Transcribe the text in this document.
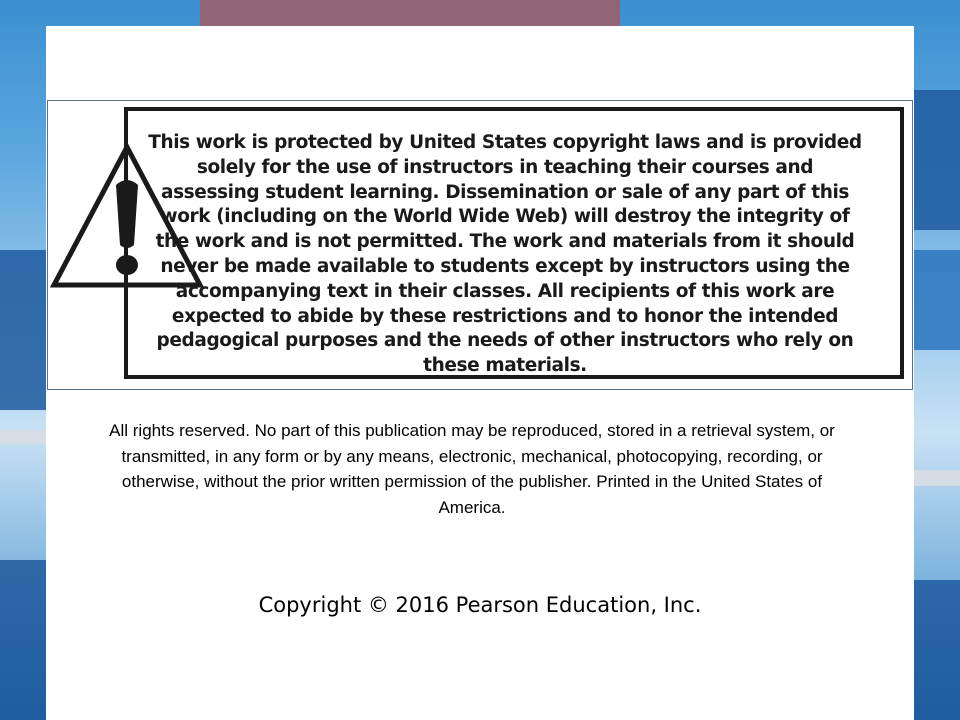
This work is protected by United States copyright laws and is provided solely for the use of instructors in teaching their courses and assessing student learning. Dissemination or sale of any part of this work (including on the World Wide Web) will destroy the integrity of the work and is not permitted. The work and materials from it should never be made available to students except by instructors using the accompanying text in their classes. All recipients of this work are expected to abide by these restrictions and to honor the intended pedagogical purposes and the needs of other instructors who rely on these materials.
All rights reserved. No part of this publication may be reproduced, stored in a retrieval system, or transmitted, in any form or by any means, electronic, mechanical, photocopying, recording, or otherwise, without the prior written permission of the publisher. Printed in the United States of America.
Copyright © 2016 Pearson Education, Inc.
